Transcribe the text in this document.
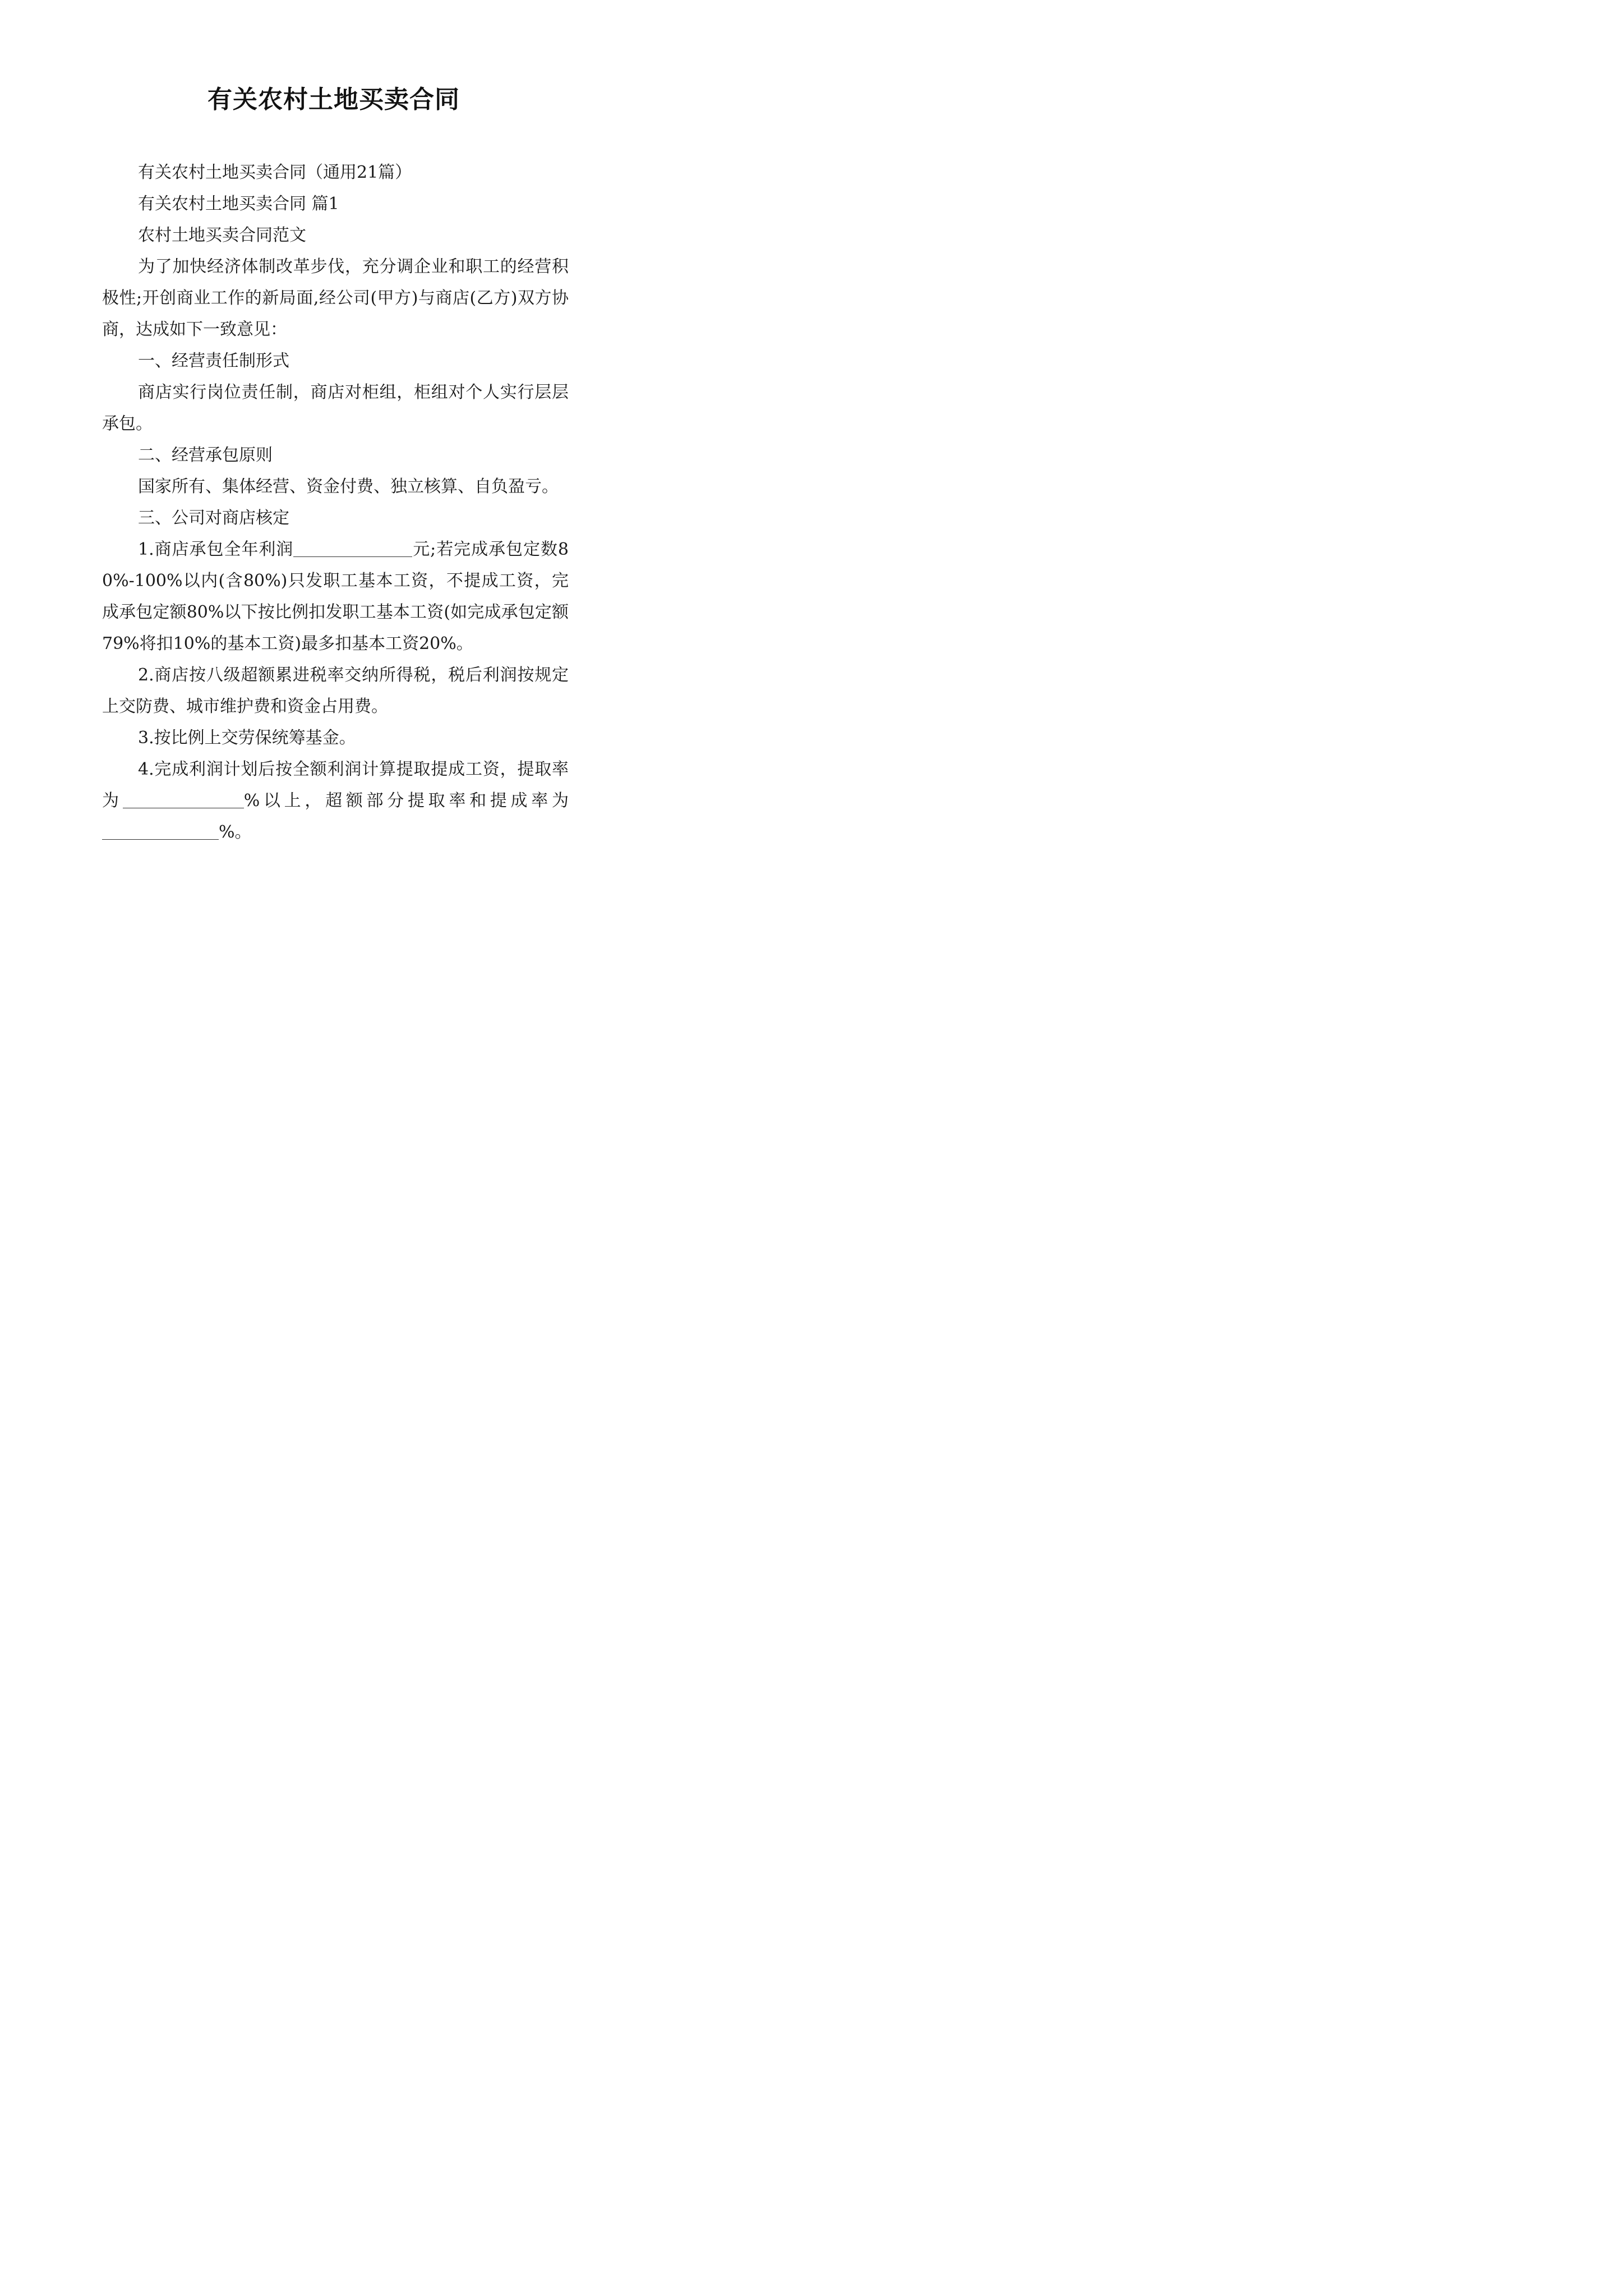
有关农村土地买卖合同

有关农村土地买卖合同（通用21篇）

有关农村土地买卖合同 篇1

农村土地买卖合同范文

为了加快经济体制改革步伐，充分调企业和职工的经营积极性;开创商业工作的新局面,经公司(甲方)与商店(乙方)双方协商，达成如下一致意见：

一、经营责任制形式

商店实行岗位责任制，商店对柜组，柜组对个人实行层层承包。

二、经营承包原则

国家所有、集体经营、资金付费、独立核算、自负盈亏。

三、公司对商店核定

1.商店承包全年利润	元;若完成承包定数80%-100%以内(含80%)只发职工基本工资，不提成工资，完成承包定额80%以下按比例扣发职工基本工资(如完成承包定额79%将扣10%的基本工资)最多扣基本工资20%。

2.商店按八级超额累进税率交纳所得税，税后利润按规定上交防费、城市维护费和资金占用费。

3.按比例上交劳保统筹基金。

4.完成利润计划后按全额利润计算提取提成工资，提取率为	%以上，超额部分提取率和提成率为%。
